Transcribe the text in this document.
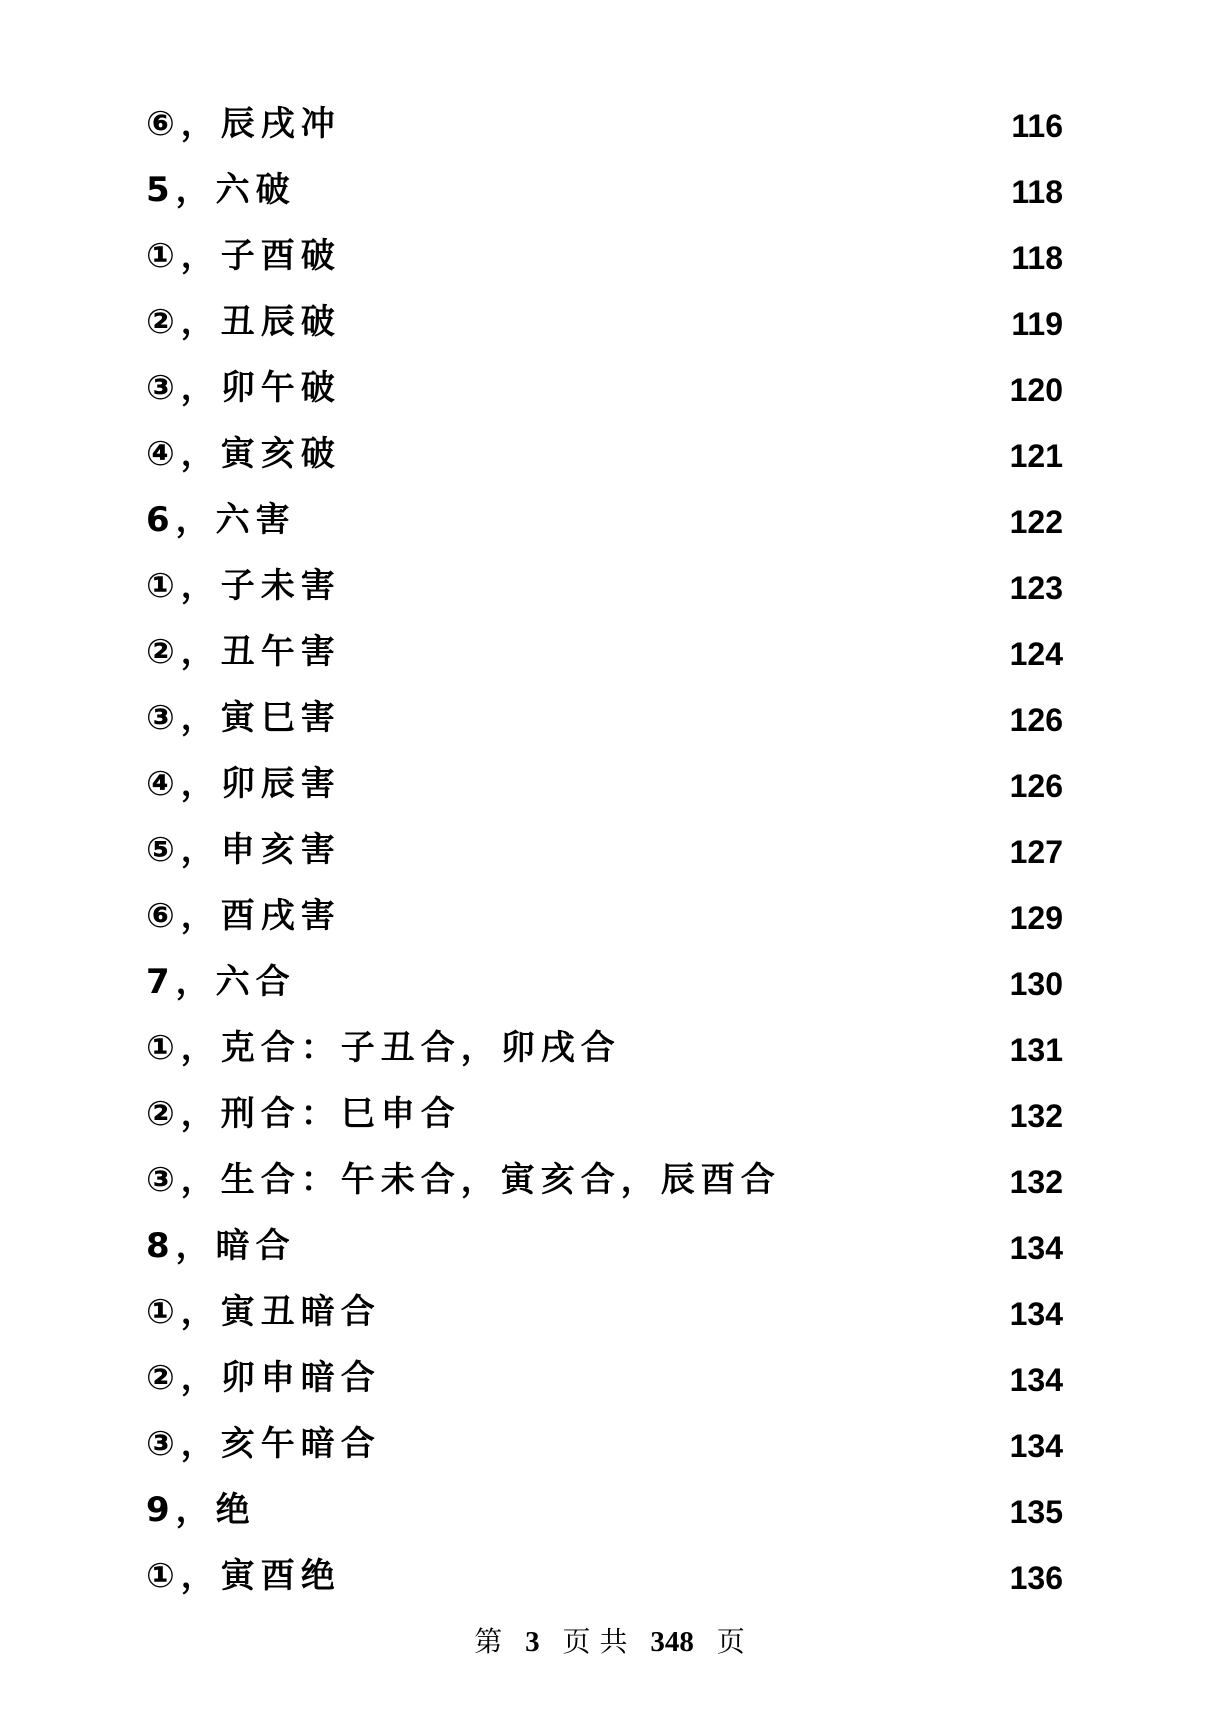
⑥，辰戌冲	116
5，六破	118
①，子酉破	118
②，丑辰破	119
③，卯午破	120
④，寅亥破	121
6，六害	122
①，子未害	123
②，丑午害	124
③，寅巳害	126
④，卯辰害	126
⑤，申亥害	127
⑥，酉戌害	129
7，六合	130
①，克合：子丑合，卯戌合	131
②，刑合：巳申合	132
③，生合：午未合，寅亥合，辰酉合	132
8，暗合	134
①，寅丑暗合	134
②，卯申暗合	134
③，亥午暗合	134
9，绝	135
①，寅酉绝	136
第 3 页 共 348 页
